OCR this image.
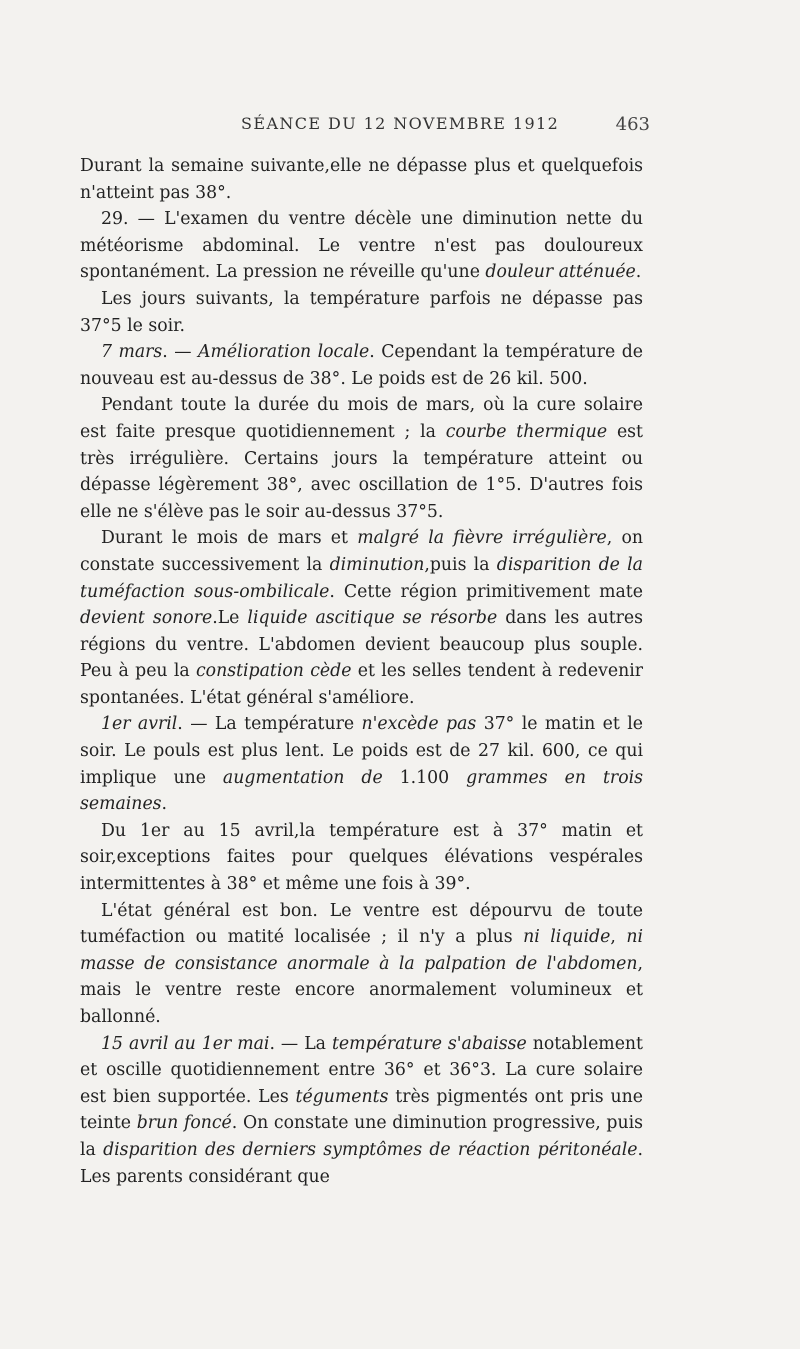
SÉANCE DU 12 NOVEMBRE 1912	463

Durant la semaine suivante,elle ne dépasse plus et quelquefois n'atteint pas 38°.

29. — L'examen du ventre décèle une diminution nette du météorisme abdominal. Le ventre n'est pas douloureux spontanément. La pression ne réveille qu'une douleur atténuée.

Les jours suivants, la température parfois ne dépasse pas 37°5 le soir.

7 mars. — Amélioration locale. Cependant la température de nouveau est au-dessus de 38°. Le poids est de 26 kil. 500.

Pendant toute la durée du mois de mars, où la cure solaire est faite presque quotidiennement ; la courbe thermique est très irrégulière. Certains jours la température atteint ou dépasse légèrement 38°, avec oscillation de 1°5. D'autres fois elle ne s'élève pas le soir au-dessus 37°5.

Durant le mois de mars et malgré la fièvre irrégulière, on constate successivement la diminution,puis la disparition de la tuméfaction sous-ombilicale. Cette région primitivement mate devient sonore.Le liquide ascitique se résorbe dans les autres régions du ventre. L'abdomen devient beaucoup plus souple. Peu à peu la constipation cède et les selles tendent à redevenir spontanées. L'état général s'améliore.

1er avril. — La température n'excède pas 37° le matin et le soir. Le pouls est plus lent. Le poids est de 27 kil. 600, ce qui implique une augmentation de 1.100 grammes en trois semaines.

Du 1er au 15 avril,la température est à 37° matin et soir,exceptions faites pour quelques élévations vespérales intermittentes à 38° et même une fois à 39°.

L'état général est bon. Le ventre est dépourvu de toute tuméfaction ou matité localisée ; il n'y a plus ni liquide, ni masse de consistance anormale à la palpation de l'abdomen, mais le ventre reste encore anormalement volumineux et ballonné.

15 avril au 1er mai. — La température s'abaisse notablement et oscille quotidiennement entre 36° et 36°3. La cure solaire est bien supportée. Les téguments très pigmentés ont pris une teinte brun foncé. On constate une diminution progressive, puis la disparition des derniers symptômes de réaction péritonéale. Les parents considérant que
